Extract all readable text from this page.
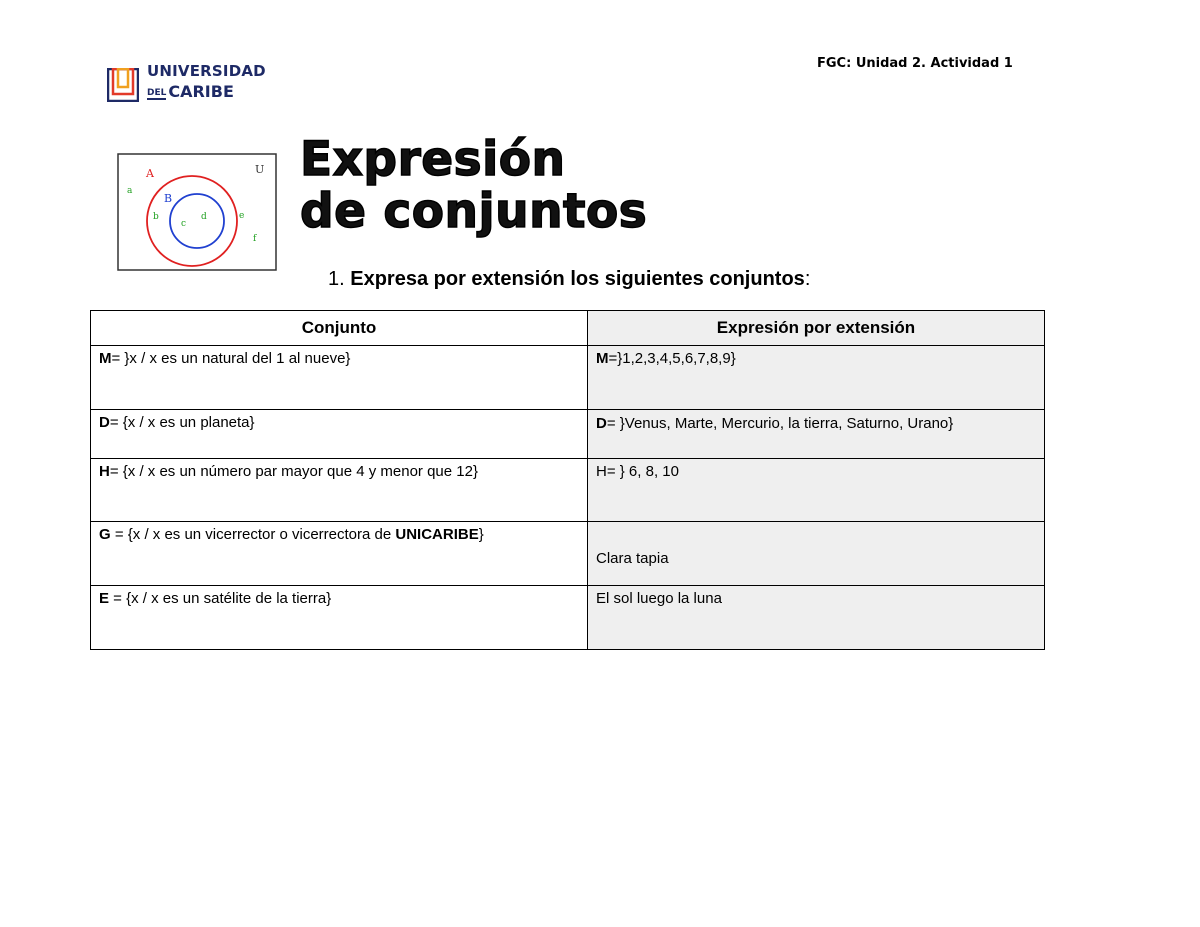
FGC: Unidad 2. Actividad 1
UNIVERSIDAD
DEL CARIBE
U
A
B
a
b
c
d	e
f
Expresión
de conjuntos
1. Expresa por extensión los siguientes conjuntos:
Conjunto	Expresión por extensión
M= }x / x es un natural del 1 al nueve}	M=}1,2,3,4,5,6,7,8,9}
D= {x / x es un planeta}	D= }Venus, Marte, Mercurio, la tierra, Saturno, Urano}
H= {x / x es un número par mayor que 4 y menor que 12}	H= } 6, 8, 10
G = {x / x es un vicerrector o vicerrectora de UNICARIBE}	Clara tapia
E = {x / x es un satélite de la tierra}	El sol luego la luna
